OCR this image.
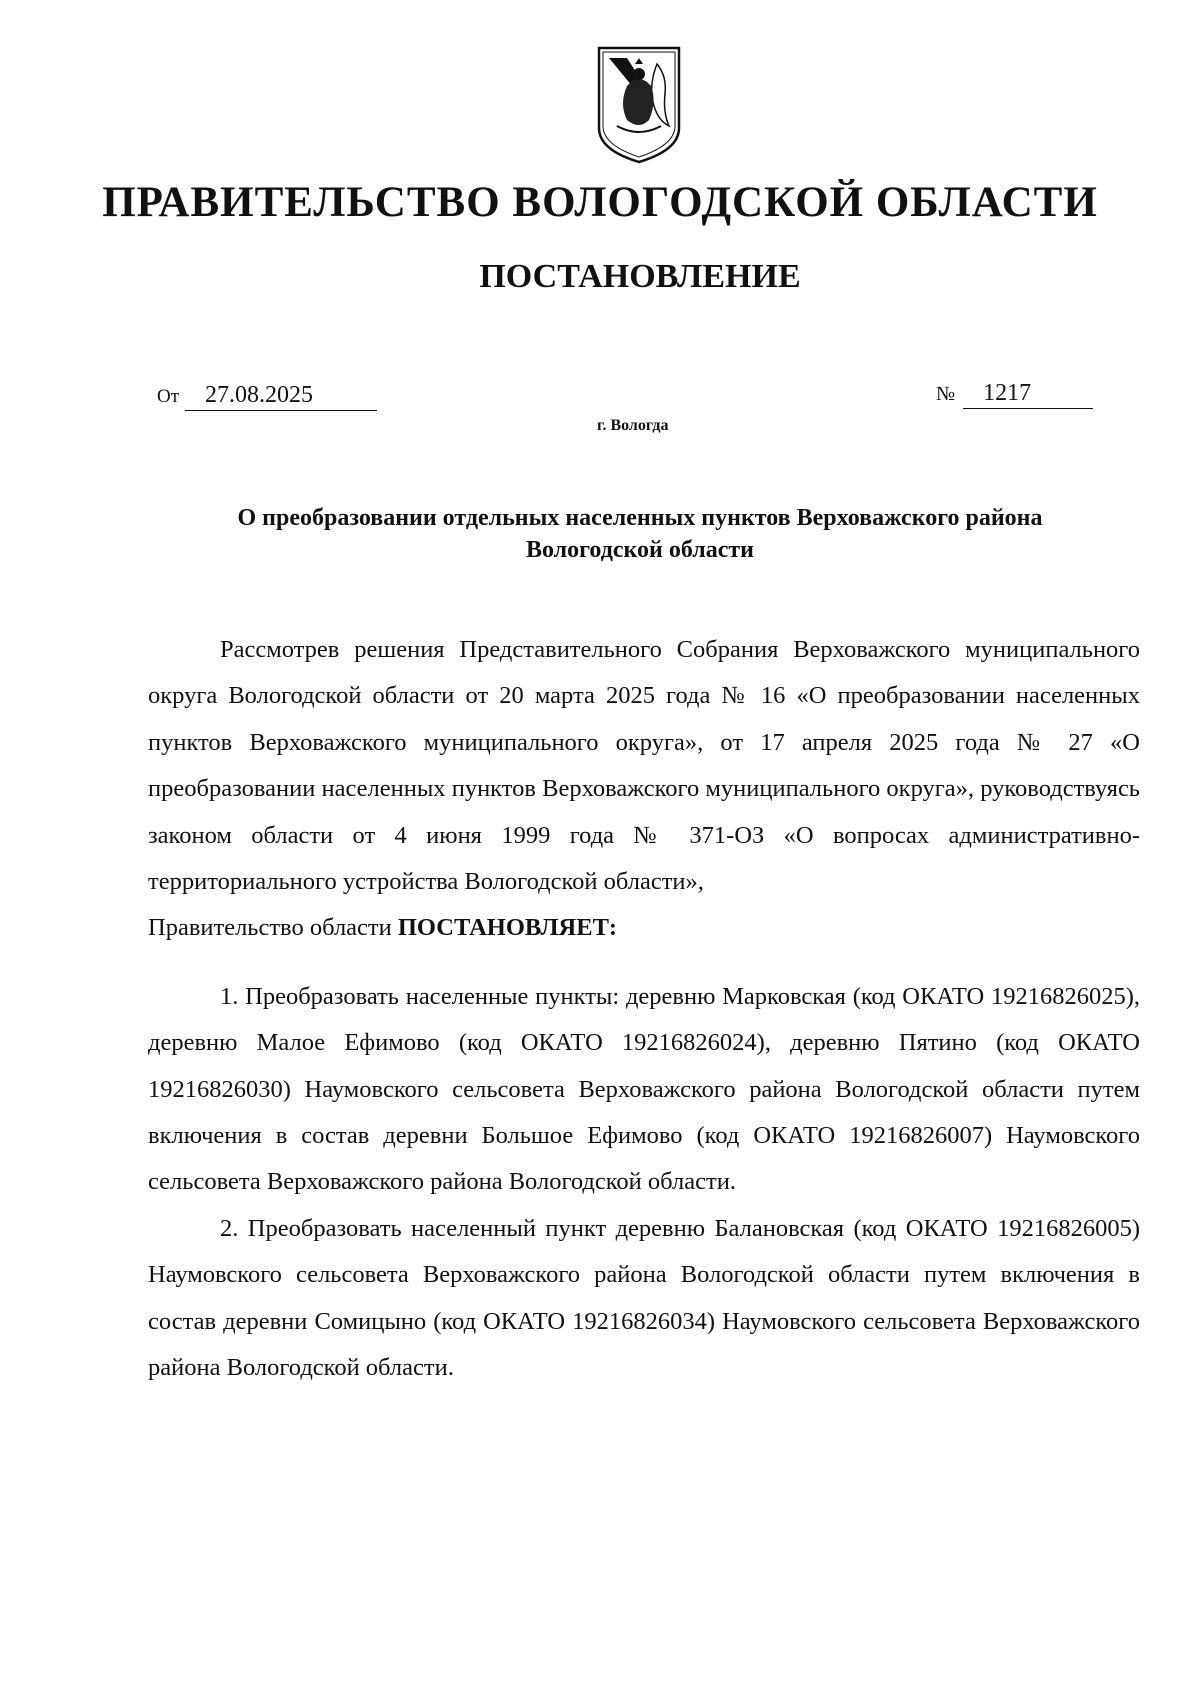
ПРАВИТЕЛЬСТВО ВОЛОГОДСКОЙ ОБЛАСТИ
ПОСТАНОВЛЕНИЕ
От 27.08.2025	№ 1217
г. Вологда
О преобразовании отдельных населенных пунктов Верховажского района
Вологодской области

Рассмотрев решения Представительного Собрания Верховажского муниципального округа Вологодской области от 20 марта 2025 года № 16 «О преобразовании населенных пунктов Верховажского муниципального округа», от 17 апреля 2025 года № 27 «О преобразовании населенных пунктов Верховажского муниципального округа», руководствуясь законом области от 4 июня 1999 года № 371-ОЗ «О вопросах административно-территориального устройства Вологодской области»,

Правительство области ПОСТАНОВЛЯЕТ:

1. Преобразовать населенные пункты: деревню Марковская (код ОКАТО 19216826025), деревню Малое Ефимово (код ОКАТО 19216826024), деревню Пятино (код ОКАТО 19216826030) Наумовского сельсовета Верховажского района Вологодской области путем включения в состав деревни Большое Ефимово (код ОКАТО 19216826007) Наумовского сельсовета Верховажского района Вологодской области.

2. Преобразовать населенный пункт деревню Балановская (код ОКАТО 19216826005) Наумовского сельсовета Верховажского района Вологодской области путем включения в состав деревни Сомицыно (код ОКАТО 19216826034) Наумовского сельсовета Верховажского района Вологодской области.
